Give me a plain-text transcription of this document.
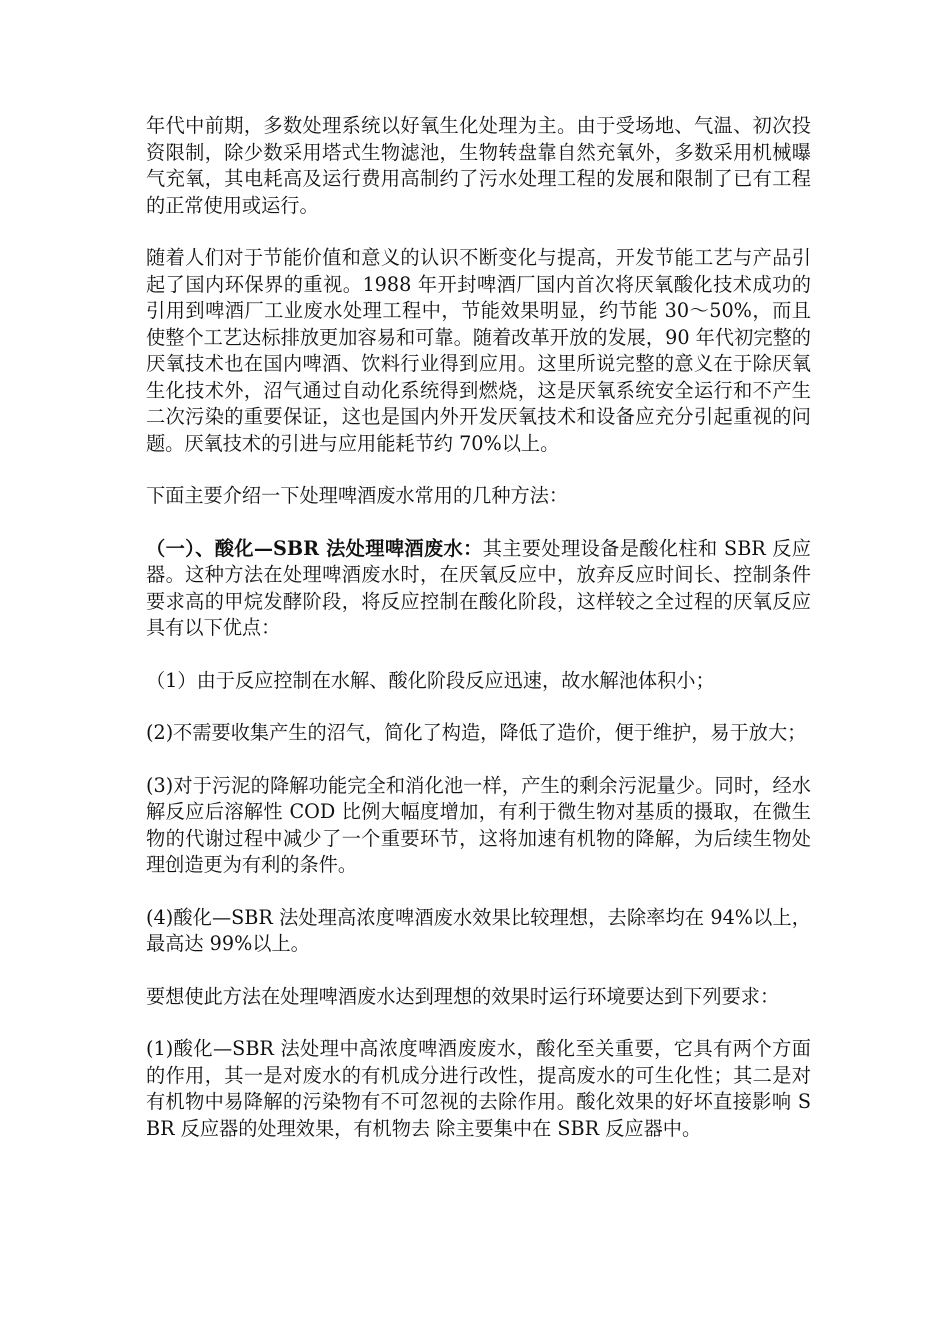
年代中前期，多数处理系统以好氧生化处理为主。由于受场地、气温、初次投资限制，除少数采用塔式生物滤池，生物转盘靠自然充氧外，多数采用机械曝气充氧，其电耗高及运行费用高制约了污水处理工程的发展和限制了已有工程的正常使用或运行。

随着人们对于节能价值和意义的认识不断变化与提高，开发节能工艺与产品引起了国内环保界的重视。1988 年开封啤酒厂国内首次将厌氧酸化技术成功的引用到啤酒厂工业废水处理工程中，节能效果明显，约节能 30～50%，而且使整个工艺达标排放更加容易和可靠。随着改革开放的发展，90 年代初完整的厌氧技术也在国内啤酒、饮料行业得到应用。这里所说完整的意义在于除厌氧生化技术外，沼气通过自动化系统得到燃烧，这是厌氧系统安全运行和不产生二次污染的重要保证，这也是国内外开发厌氧技术和设备应充分引起重视的问题。厌氧技术的引进与应用能耗节约 70%以上。

下面主要介绍一下处理啤酒废水常用的几种方法：

（一）、酸化—SBR 法处理啤酒废水：其主要处理设备是酸化柱和 SBR 反应器。这种方法在处理啤酒废水时，在厌氧反应中，放弃反应时间长、控制条件要求高的甲烷发酵阶段，将反应控制在酸化阶段，这样较之全过程的厌氧反应具有以下优点：

（1）由于反应控制在水解、酸化阶段反应迅速，故水解池体积小；

(2)不需要收集产生的沼气，简化了构造，降低了造价，便于维护，易于放大；

(3)对于污泥的降解功能完全和消化池一样，产生的剩余污泥量少。同时，经水解反应后溶解性 COD 比例大幅度增加，有利于微生物对基质的摄取，在微生物的代谢过程中减少了一个重要环节，这将加速有机物的降解，为后续生物处理创造更为有利的条件。

(4)酸化—SBR 法处理高浓度啤酒废水效果比较理想，去除率均在 94%以上，最高达 99%以上。

要想使此方法在处理啤酒废水达到理想的效果时运行环境要达到下列要求：

(1)酸化—SBR 法处理中高浓度啤酒废废水，酸化至关重要，它具有两个方面的作用，其一是对废水的有机成分进行改性，提高废水的可生化性；其二是对有机物中易降解的污染物有不可忽视的去除作用。酸化效果的好坏直接影响 SBR 反应器的处理效果，有机物去 除主要集中在 SBR 反应器中。
